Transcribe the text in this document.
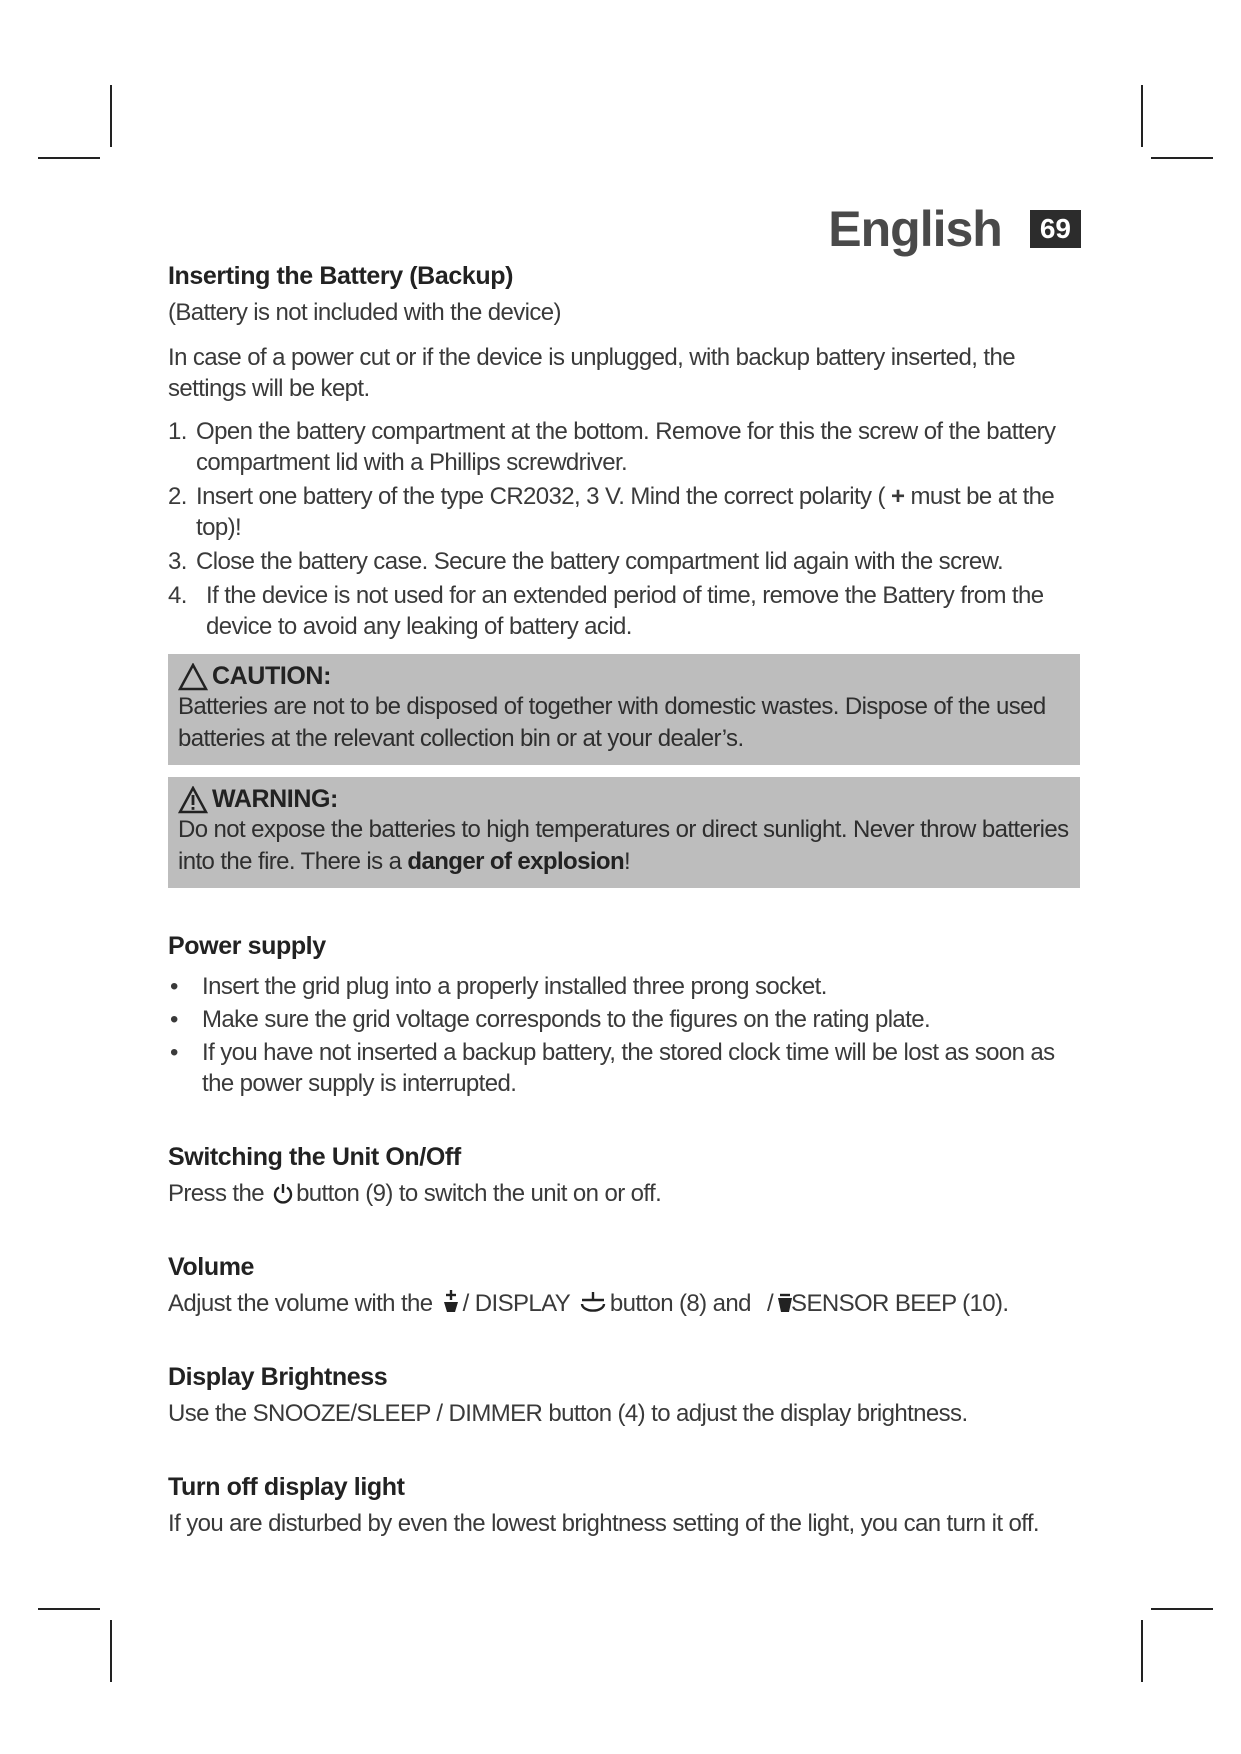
English	69
Inserting the Battery (Backup)

(Battery is not included with the device)

In case of a power cut or if the device is unplugged, with backup battery inserted, the settings will be kept.

1. Open the battery compartment at the bottom. Remove for this the screw of the battery compartment lid with a Phillips screwdriver.
2. Insert one battery of the type CR2032, 3 V. Mind the correct polarity ( + must be at the top)!
3. Close the battery case. Secure the battery compartment lid again with the screw.
4. If the device is not used for an extended period of time, remove the Battery from the device to avoid any leaking of battery acid.
CAUTION:

Batteries are not to be disposed of together with domestic wastes. Dispose of the used batteries at the relevant collection bin or at your dealer’s.

WARNING:

Do not expose the batteries to high temperatures or direct sunlight. Never throw batteries into the fire. There is a danger of explosion!

Power supply
•	Insert the grid plug into a properly installed three prong socket.
•	Make sure the grid voltage corresponds to the figures on the rating plate.
•	If you have not inserted a backup battery, the stored clock time will be lost as soon as the power supply is interrupted.
Switching the Unit On/Off

Press the button (9) to switch the unit on or off.

Volume

Adjust the volume with the / DISPLAY button (8) and / SENSOR BEEP (10).

Display Brightness

Use the SNOOZE/SLEEP / DIMMER button (4) to adjust the display brightness.

Turn off display light

If you are disturbed by even the lowest brightness setting of the light, you can turn it off.
